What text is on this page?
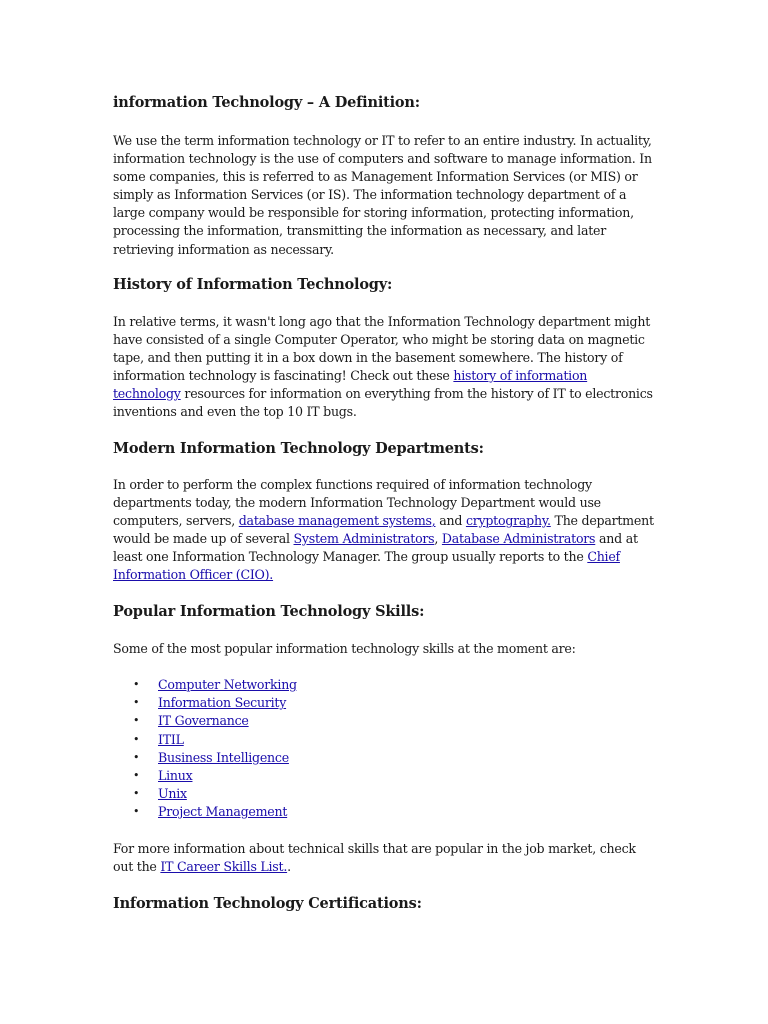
information Technology – A Definition:

We use the term information technology or IT to refer to an entire industry. In actuality, information technology is the use of computers and software to manage information. In some companies, this is referred to as Management Information Services (or MIS) or simply as Information Services (or IS). The information technology department of a large company would be responsible for storing information, protecting information, processing the information, transmitting the information as necessary, and later retrieving information as necessary.

History of Information Technology:

In relative terms, it wasn't long ago that the Information Technology department might have consisted of a single Computer Operator, who might be storing data on magnetic tape, and then putting it in a box down in the basement somewhere. The history of information technology is fascinating! Check out these history of information technology resources for information on everything from the history of IT to electronics inventions and even the top 10 IT bugs.

Modern Information Technology Departments:

In order to perform the complex functions required of information technology departments today, the modern Information Technology Department would use computers, servers, database management systems, and cryptography. The department would be made up of several System Administrators, Database Administrators and at least one Information Technology Manager. The group usually reports to the Chief Information Officer (CIO).

Popular Information Technology Skills:

Some of the most popular information technology skills at the moment are:

• Computer Networking
• Information Security
• IT Governance
• ITIL
• Business Intelligence
• Linux
• Unix
• Project Management

For more information about technical skills that are popular in the job market, check out the IT Career Skills List..

Information Technology Certifications:
